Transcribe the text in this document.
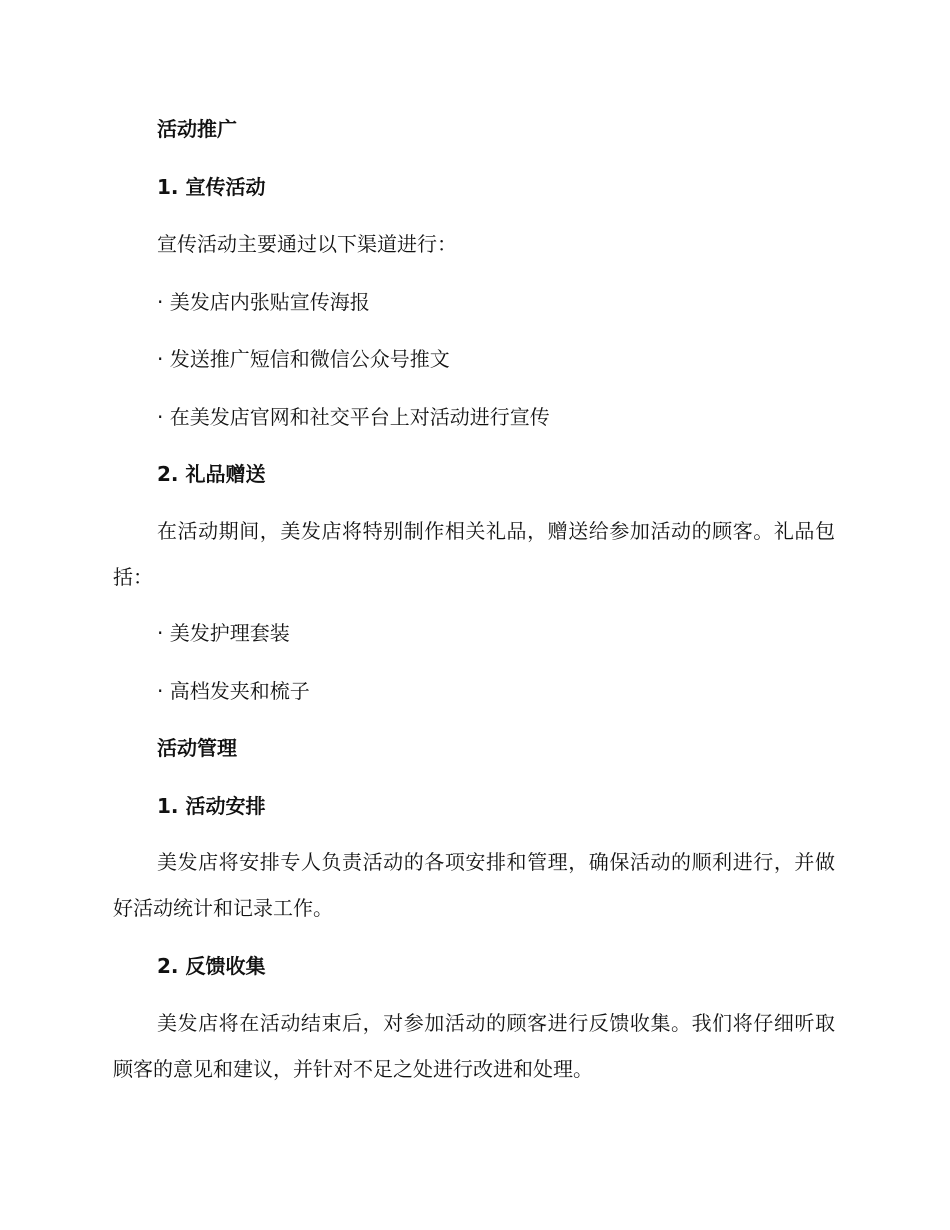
活动推广
1. 宣传活动
宣传活动主要通过以下渠道进行：
· 美发店内张贴宣传海报
· 发送推广短信和微信公众号推文
· 在美发店官网和社交平台上对活动进行宣传
2. 礼品赠送
在活动期间，美发店将特别制作相关礼品，赠送给参加活动的顾客。礼品包括：
· 美发护理套装
· 高档发夹和梳子
活动管理
1. 活动安排
美发店将安排专人负责活动的各项安排和管理，确保活动的顺利进行，并做好活动统计和记录工作。
2. 反馈收集
美发店将在活动结束后，对参加活动的顾客进行反馈收集。我们将仔细听取顾客的意见和建议，并针对不足之处进行改进和处理。
